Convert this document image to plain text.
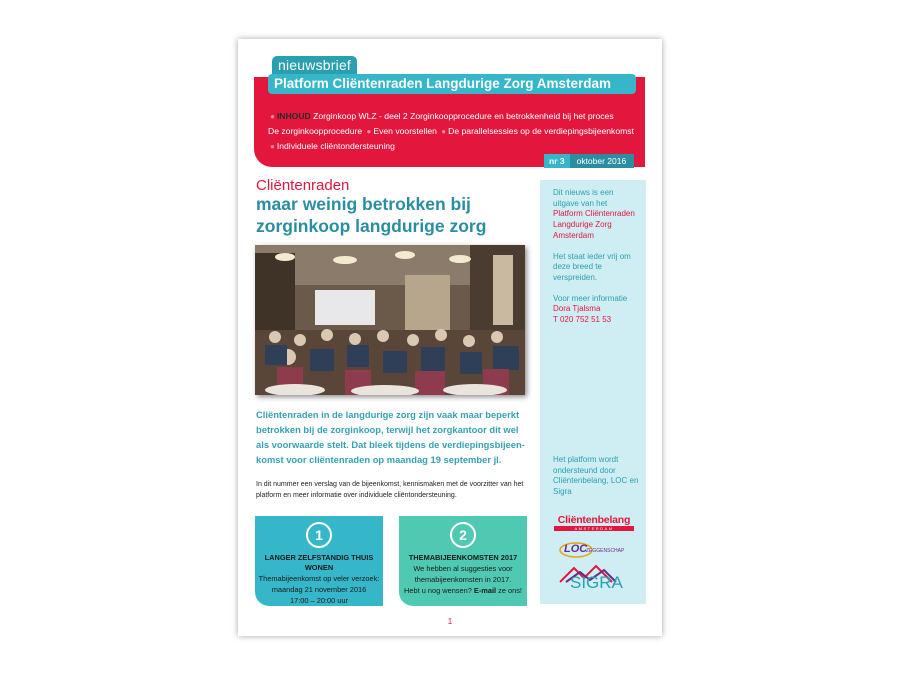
nieuwsbrief
Platform Cliëntenraden Langdurige Zorg Amsterdam
● INHOUD Zorginkoop WLZ - deel 2 Zorginkoopprocedure en betrokkenheid bij het proces
De zorginkoopprocedure ● Even voorstellen ● De parallelsessies op de verdiepingsbijeenkomst
● Individuele cliëntondersteuning
nr 3	oktober 2016
Cliëntenraden
maar weinig betrokken bij zorginkoop langdurige zorg
Cliëntenraden in de langdurige zorg zijn vaak maar beperkt betrokken bij de zorginkoop, terwijl het zorgkantoor dit wel als voorwaarde stelt. Dat bleek tijdens de verdiepingsbijeen-komst voor cliëntenraden op maandag 19 september jl.
In dit nummer een verslag van de bijeenkomst, kennismaken met de voorzitter van het platform en meer informatie over individuele cliëntondersteuning.
1
LANGER ZELFSTANDIG THUIS WONEN
Themabijeenkomst op veler verzoek:
maandag 21 november 2016
17:00 – 20:00 uur
2
THEMABIJEENKOMSTEN 2017
We hebben al suggesties voor
themabijeenkomsten in 2017.
Hebt u nog wensen? E-mail ze ons!

Dit nieuws is een uitgave van het
Platform Cliëntenraden Langdurige Zorg Amsterdam

Het staat ieder vrij om deze breed te verspreiden.

Voor meer informatie
Dora Tjalsma
T 020 752 51 53

Het platform wordt ondersteund door Cliëntenbelang, LOC en Sigra
Cliëntenbelang
AMSTERDAM
LOC
ZEGGENSCHAP
SIGRA
1
